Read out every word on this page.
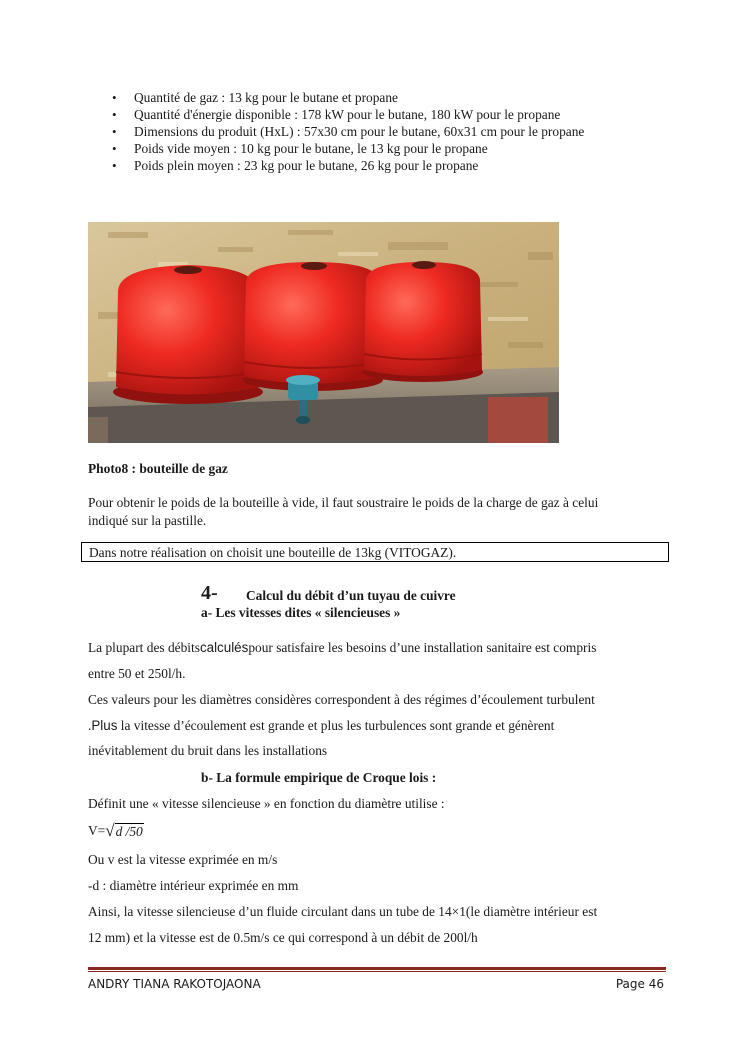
• Quantité de gaz : 13 kg pour le butane et propane
• Quantité d'énergie disponible : 178 kW pour le butane, 180 kW pour le propane
• Dimensions du produit (HxL) : 57x30 cm pour le butane, 60x31 cm pour le propane
• Poids vide moyen : 10 kg pour le butane, le 13 kg pour le propane
• Poids plein moyen : 23 kg pour le butane, 26 kg pour le propane
Photo8 : bouteille de gaz
Pour obtenir le poids de la bouteille à vide, il faut soustraire le poids de la charge de gaz à celui
indiqué sur la pastille.
Dans notre réalisation on choisit une bouteille de 13kg (VITOGAZ).
4- Calcul du débit d’un tuyau de cuivre
a- Les vitesses dites « silencieuses »
La plupart des débitscalculéspour satisfaire les besoins d’une installation sanitaire est compris
entre 50 et 250l/h.
Ces valeurs pour les diamètres considères correspondent à des régimes d’écoulement turbulent
.Plus la vitesse d’écoulement est grande et plus les turbulences sont grande et génèrent
inévitablement du bruit dans les installations
b- La formule empirique de Croque lois :
Définit une « vitesse silencieuse » en fonction du diamètre utilise :
V= √ d /50
Ou v est la vitesse exprimée en m/s
-d : diamètre intérieur exprimée en mm
Ainsi, la vitesse silencieuse d’un fluide circulant dans un tube de 14×1(le diamètre intérieur est
12 mm) et la vitesse est de 0.5m/s ce qui correspond à un débit de 200l/h
ANDRY TIANA RAKOTOJAONA	Page 46
